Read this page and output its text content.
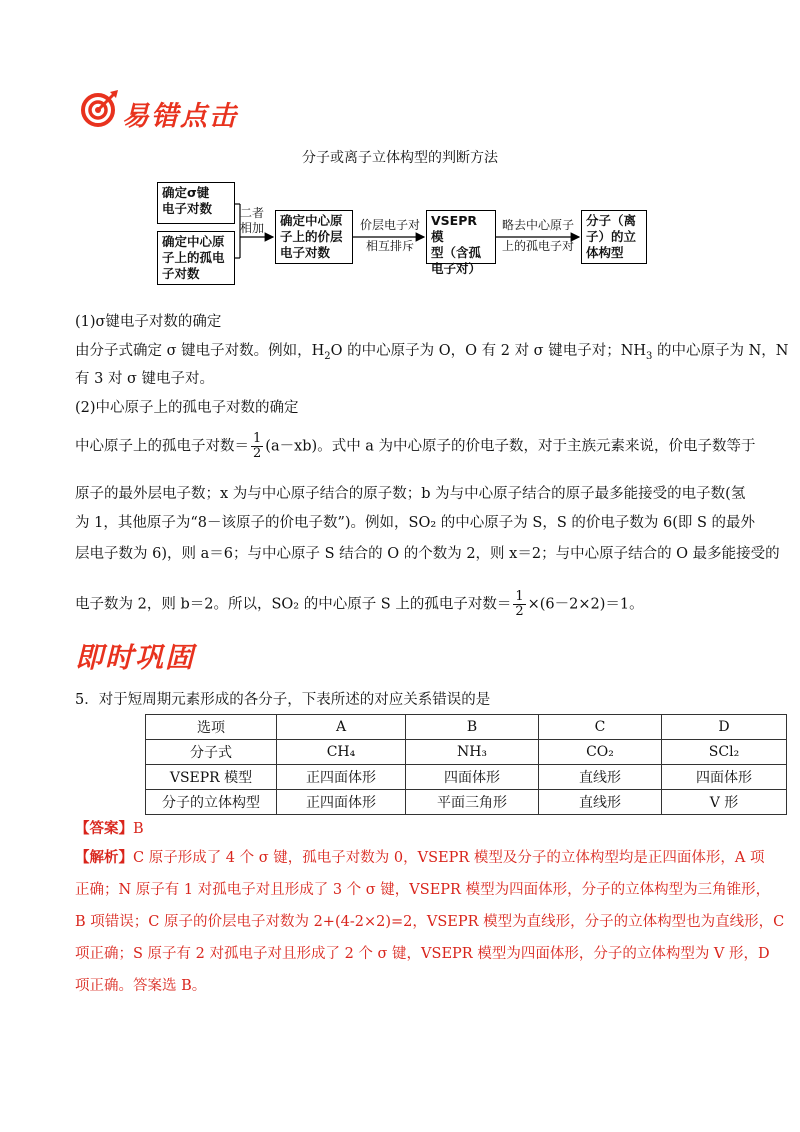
易错点击
分子或离子立体构型的判断方法
确定σ键
电子对数
确定中心原
子上的孤电
子对数
二者
相加 确定中心原
子上的价层
电子对数
价层电子对
相互排斥
VSEPR 模
型（含孤
电子对）
略去中心原子
上的孤电子对
分子（离
子）的立
体构型
(1)σ键电子对数的确定
由分子式确定 σ 键电子对数。例如，$H_2O$ 的中心原子为 O，O 有 2 对 σ 键电子对；$NH_3$ 的中心原子为 N，N
有 3 对 σ 键电子对。
(2)中心原子上的孤电子对数的确定
中心原子上的孤电子对数＝ $\frac{1}{2} (a-xb)$。式中 a 为中心原子的价电子数，对于主族元素来说，价电子数等于
原子的最外层电子数；x 为与中心原子结合的原子数；b 为与中心原子结合的原子最多能接受的电子数(氢
为 1，其他原子为“8－该原子的价电子数”)。例如，SO₂ 的中心原子为 S，S 的价电子数为 6(即 S 的最外
层电子数为 6)，则 a＝6；与中心原子 S 结合的 O 的个数为 2，则 x＝2；与中心原子结合的 O 最多能接受的
电子数为 2，则 b＝2。所以，SO₂ 的中心原子 S 上的孤电子对数＝ $\frac{1}{2} \times(6-2\times 2)=1$。
即时巩固
5．对于短周期元素形成的各分子，下表所述的对应关系错误的是
选项	A	B	C	D
分子式	CH₄	NH₃	CO₂	SCl₂
VSEPR 模型	正四面体形	四面体形	直线形	四面体形
分子的立体构型	正四面体形	平面三角形	直线形	V 形
【答案】B
【解析】C 原子形成了 4 个 σ 键，孤电子对数为 0，VSEPR 模型及分子的立体构型均是正四面体形，A 项
正确；N 原子有 1 对孤电子对且形成了 3 个 σ 键，VSEPR 模型为四面体形，分子的立体构型为三角锥形，
B 项错误；C 原子的价层电子对数为 2+(4-2×2)=2，VSEPR 模型为直线形，分子的立体构型也为直线形，C
项正确；S 原子有 2 对孤电子对且形成了 2 个 σ 键，VSEPR 模型为四面体形，分子的立体构型为 V 形，D
项正确。答案选 B。
